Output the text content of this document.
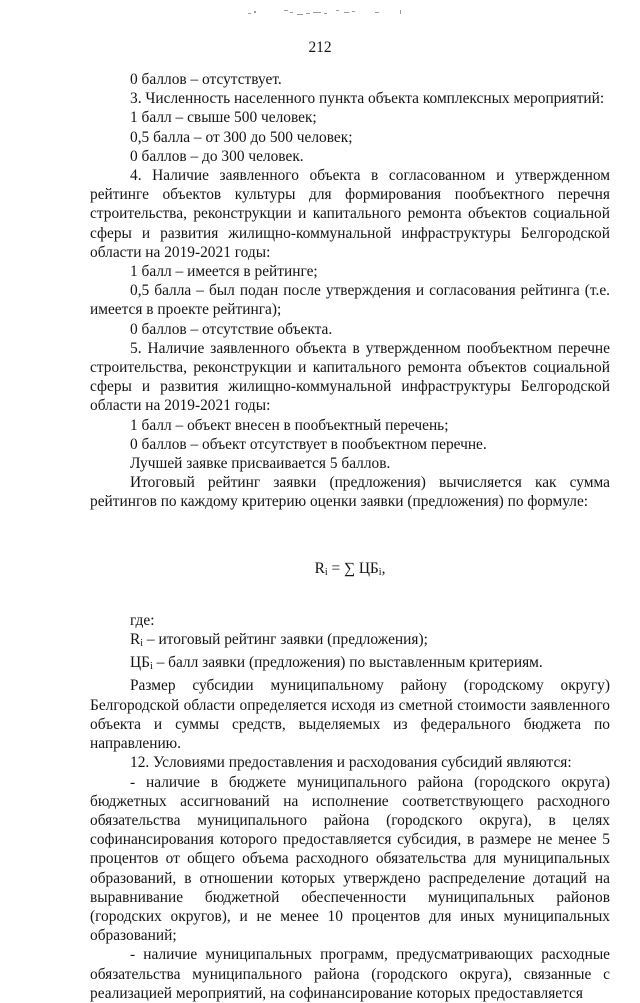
212

0 баллов – отсутствует.

3. Численность населенного пункта объекта комплексных мероприятий:

1 балл – свыше 500 человек;

0,5 балла – от 300 до 500 человек;

0 баллов – до 300 человек.

4. Наличие заявленного объекта в согласованном и утвержденном рейтинге объектов культуры для формирования пообъектного перечня строительства, реконструкции и капитального ремонта объектов социальной сферы и развития жилищно-коммунальной инфраструктуры Белгородской области на 2019-2021 годы:

1 балл – имеется в рейтинге;

0,5 балла – был подан после утверждения и согласования рейтинга (т.е. имеется в проекте рейтинга);

0 баллов – отсутствие объекта.

5. Наличие заявленного объекта в утвержденном пообъектном перечне строительства, реконструкции и капитального ремонта объектов социальной сферы и развития жилищно-коммунальной инфраструктуры Белгородской области на 2019-2021 годы:

1 балл – объект внесен в пообъектный перечень;

0 баллов – объект отсутствует в пообъектном перечне.

Лучшей заявке присваивается 5 баллов.

Итоговый рейтинг заявки (предложения) вычисляется как сумма рейтингов по каждому критерию оценки заявки (предложения) по формуле:

$R_i$ = ∑ $ЦБ_i$,

где:

$R_i$ – итоговый рейтинг заявки (предложения);

$ЦБ_i$ – балл заявки (предложения) по выставленным критериям.

Размер субсидии муниципальному району (городскому округу) Белгородской области определяется исходя из сметной стоимости заявленного объекта и суммы средств, выделяемых из федерального бюджета по направлению.

12. Условиями предоставления и расходования субсидий являются:

- наличие в бюджете муниципального района (городского округа) бюджетных ассигнований на исполнение соответствующего расходного обязательства муниципального района (городского округа), в целях софинансирования которого предоставляется субсидия, в размере не менее 5 процентов от общего объема расходного обязательства для муниципальных образований, в отношении которых утверждено распределение дотаций на выравнивание бюджетной обеспеченности муниципальных районов (городских округов), и не менее 10 процентов для иных муниципальных образований;

- наличие муниципальных программ, предусматривающих расходные обязательства муниципального района (городского округа), связанные с реализацией мероприятий, на софинансирование которых предоставляется
